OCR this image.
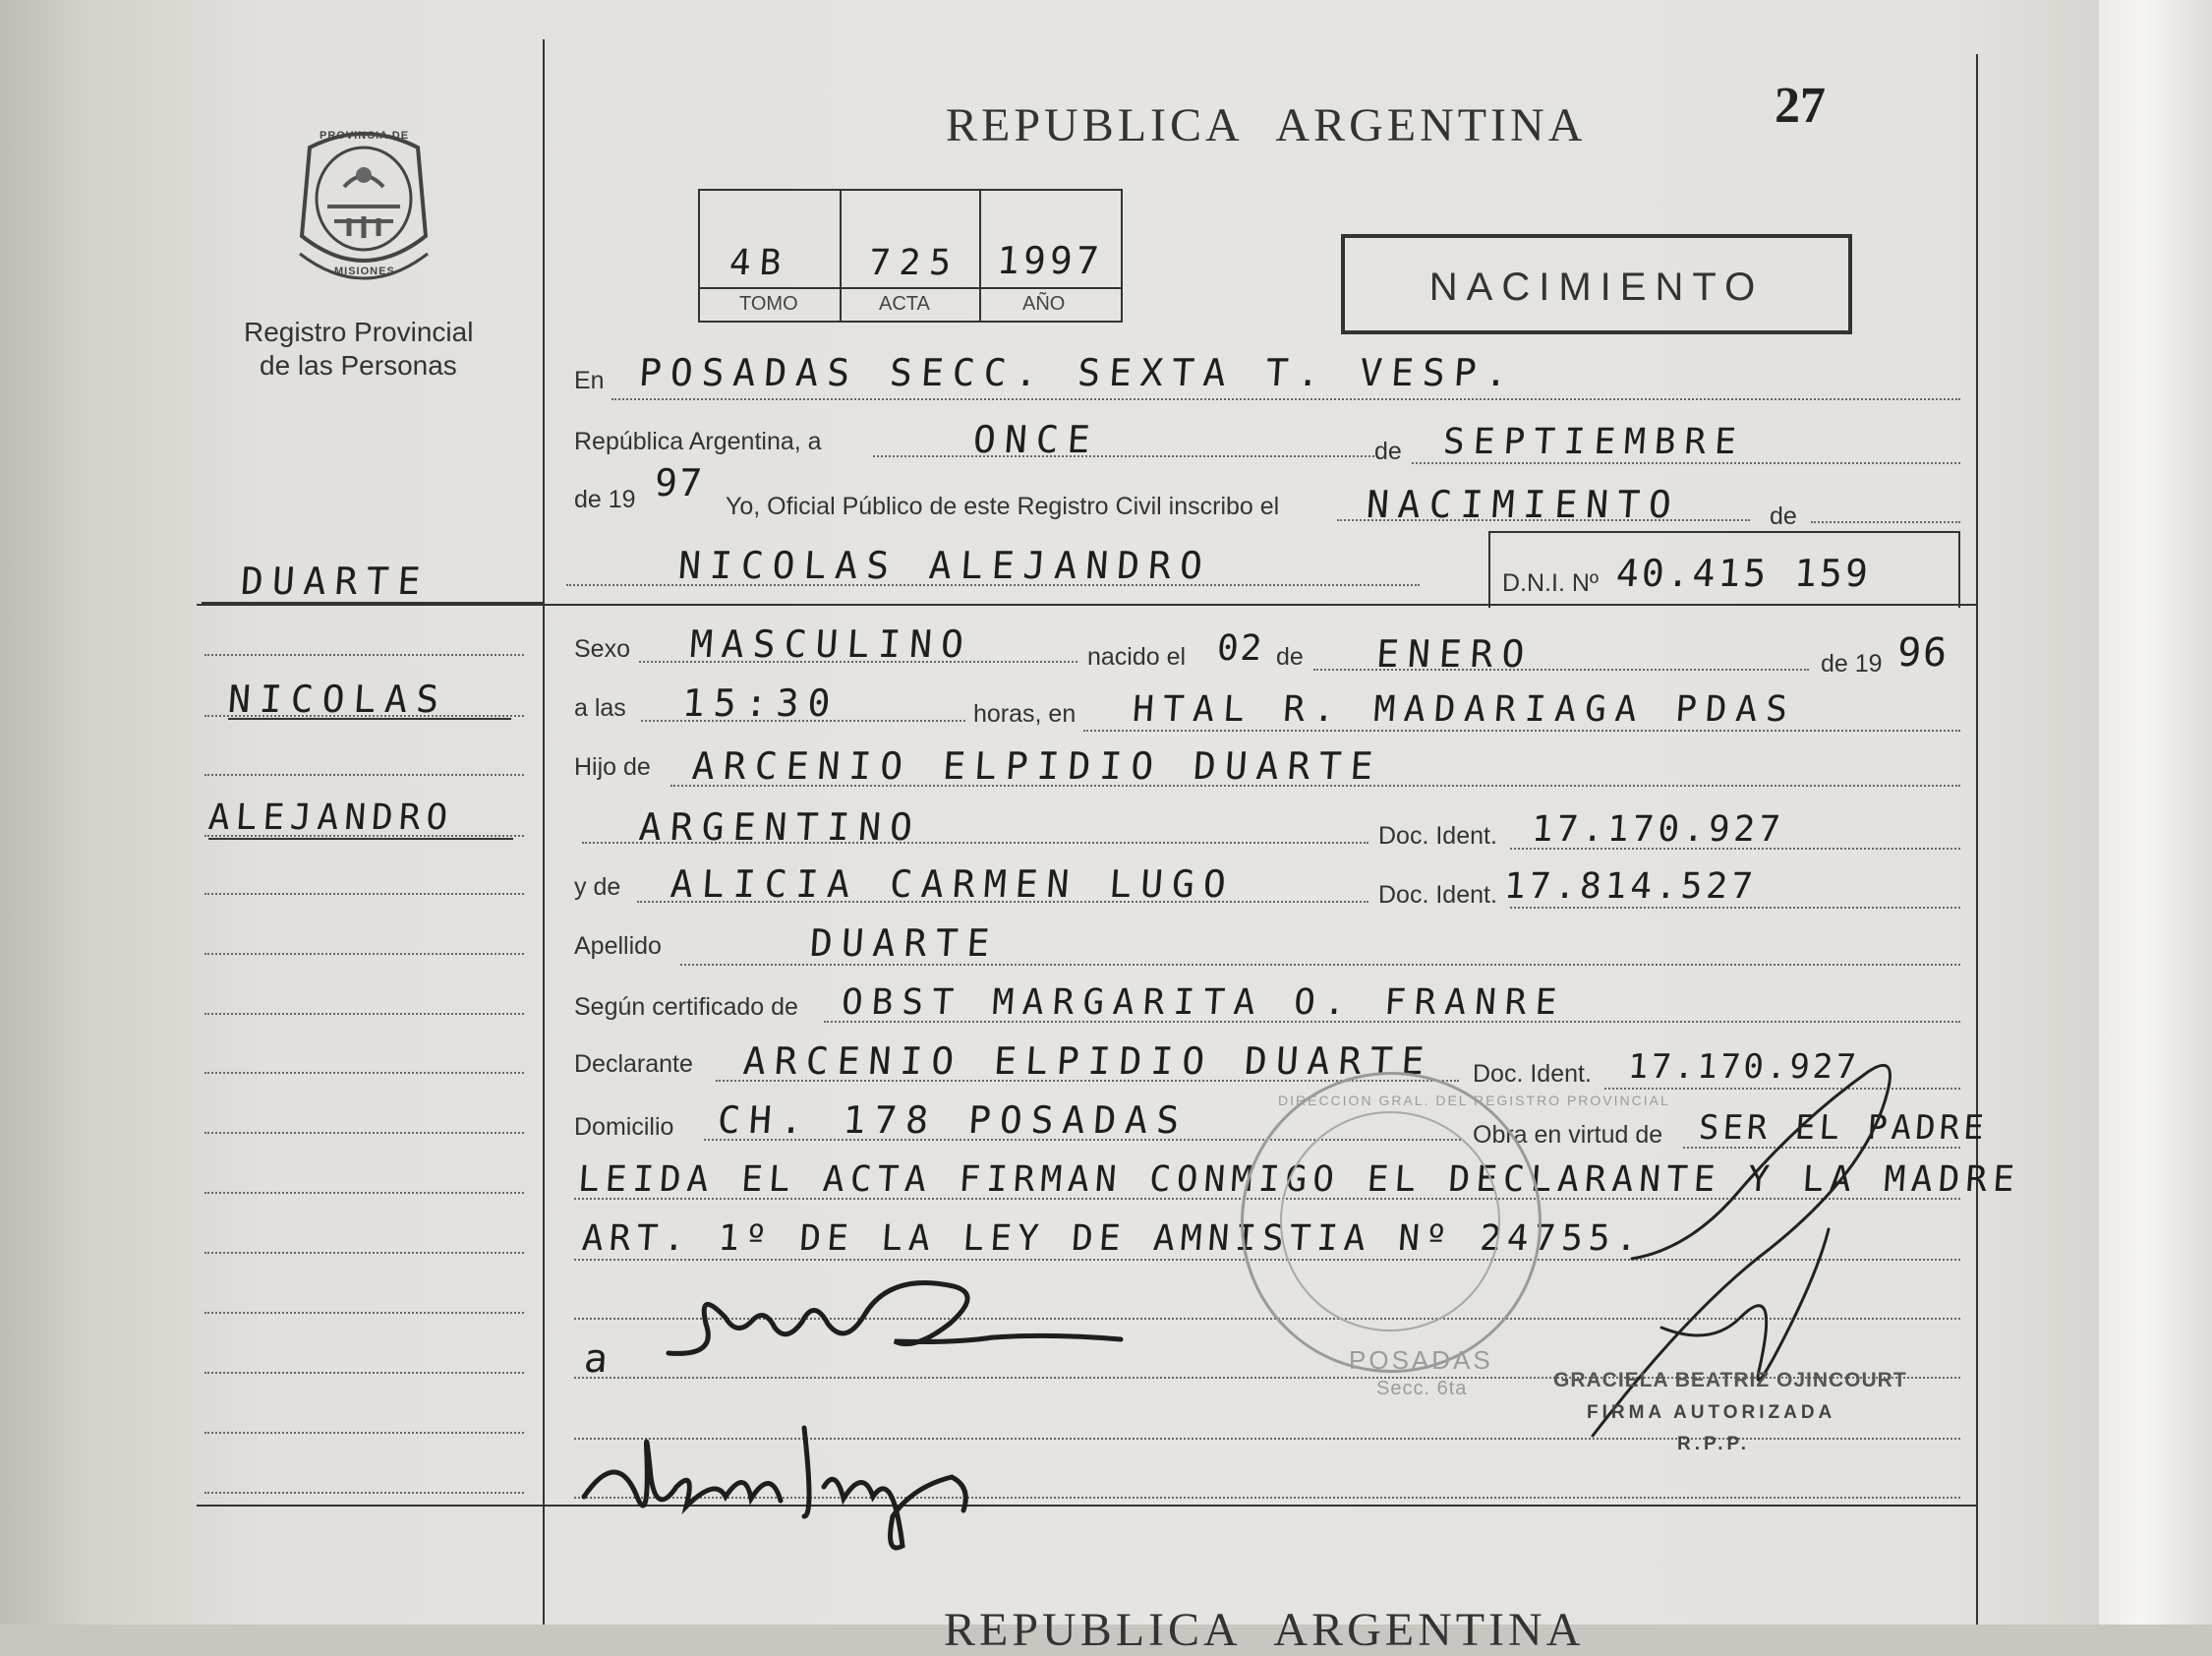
27
PROVINCIA DE
MISIONES
Registro Provincial
de las Personas
REPUBLICA ARGENTINA
4B 725 1997
TOMO	ACTA	AÑO	NACIMIENTO
DUARTE
NICOLAS
ALEJANDRO
En POSADAS SECC. SEXTA T. VESP.
República Argentina, a	ONCE	de SEPTIEMBRE
de 19 97
Yo, Oficial Público de este Registro Civil inscribo el NACIMIENTO	de
NICOLAS ALEJANDRO	D.N.I. Nº 40.415 159
Sexo MASCULINO	nacido el 02 de ENERO	de 19 96
a las 15:30	horas, en HTAL R. MADARIAGA PDAS
Hijo de ARCENIO ELPIDIO DUARTE
ARGENTINO	Doc. Ident. 17.170.927
y de ALICIA CARMEN LUGO	Doc. Ident. 17.814.527
Apellido	DUARTE
Según certificado de OBST MARGARITA O. FRANRE
Declarante ARCENIO ELPIDIO DUARTE Doc. Ident. 17.170.927
Domicilio CH. 178 POSADAS	Obra en virtud de SER EL PADRE
LEIDA EL ACTA FIRMAN CONMIGO EL DECLARANTE Y LA MADRE
ART. 1º DE LA LEY DE AMNISTIA Nº 24755.
a
DIRECCION GRAL. DEL REGISTRO PROVINCIAL
POSADAS
Secc. 6ta	GRACIELA BEATRIZ OJINCOURT
FIRMA AUTORIZADA
R.P.P.
REPUBLICA ARGENTINA
